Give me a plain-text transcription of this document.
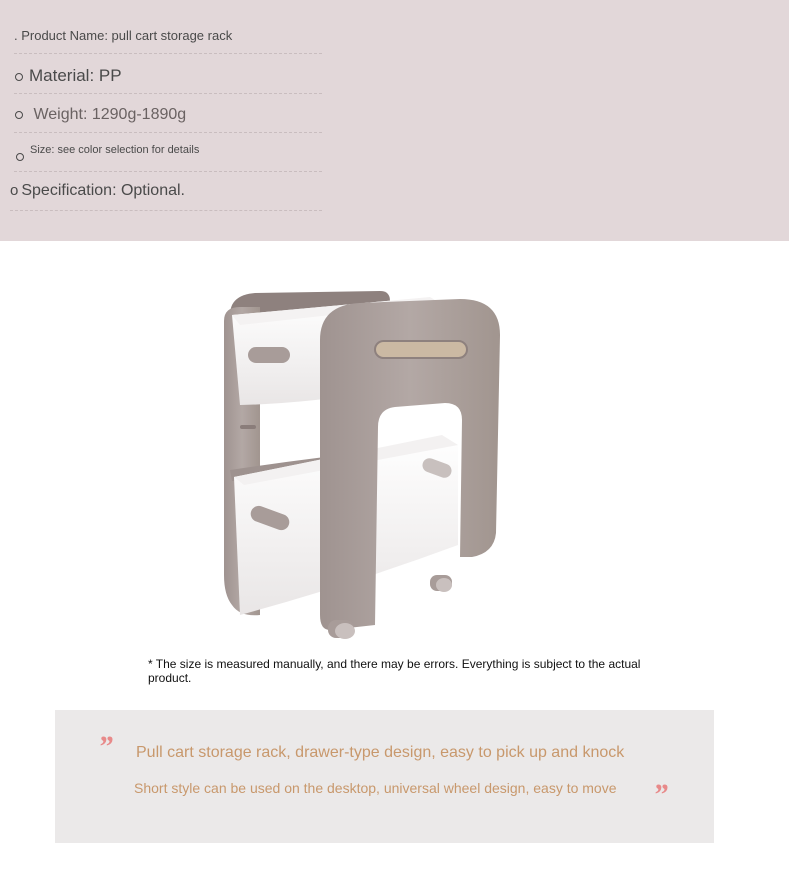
. Product Name: pull cart storage rack
Material: PP
Weight: 1290g-1890g
Size: see color selection for details
o Specification: Optional.
* The size is measured manually, and there may be errors. Everything is subject to the actual product.
” Pull cart storage rack, drawer-type design, easy to pick up and knock
Short style can be used on the desktop, universal wheel design, easy to move	”
